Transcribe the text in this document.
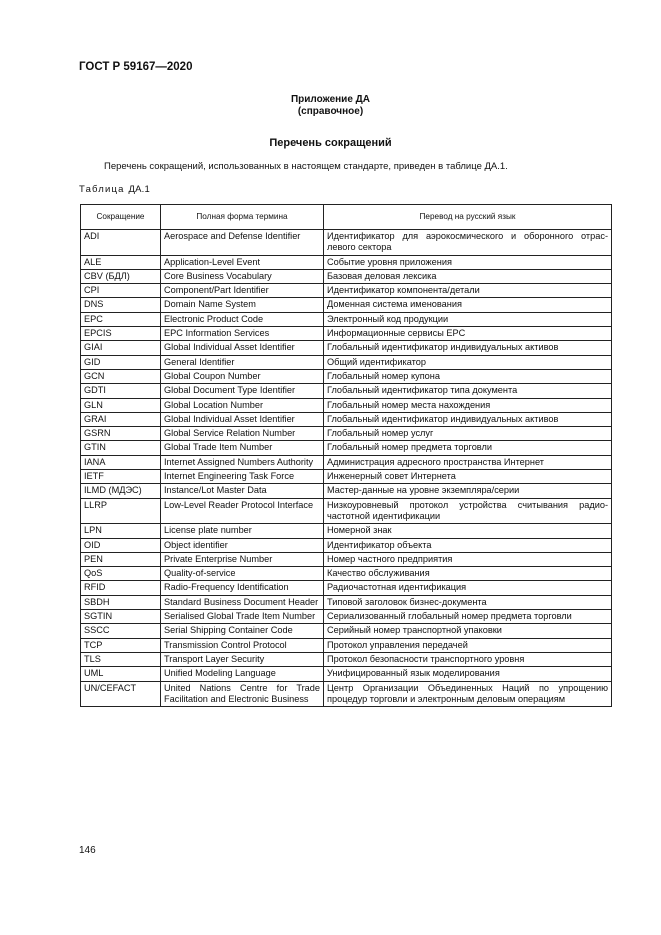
ГОСТ Р 59167—2020
Приложение ДА
(справочное)
Перечень сокращений
Перечень сокращений, использованных в настоящем стандарте, приведен в таблице ДА.1.
Таблица ДА.1
Сокращение	Полная форма термина	Перевод на русский язык
ADI	Aerospace and Defense Identifier	Идентификатор для аэрокосмического и оборонного отрас-левого сектора
ALE	Application-Level Event	Событие уровня приложения
CBV (БДЛ)	Core Business Vocabulary	Базовая деловая лексика
CPI	Component/Part Identifier	Идентификатор компонента/детали
DNS	Domain Name System	Доменная система именования
EPC	Electronic Product Code	Электронный код продукции
EPCIS	EPC Information Services	Информационные сервисы EPC
GIAI	Global Individual Asset Identifier	Глобальный идентификатор индивидуальных активов
GID	General Identifier	Общий идентификатор
GCN	Global Coupon Number	Глобальный номер купона
GDTI	Global Document Type Identifier	Глобальный идентификатор типа документа
GLN	Global Location Number	Глобальный номер места нахождения
GRAI	Global Individual Asset Identifier	Глобальный идентификатор индивидуальных активов
GSRN	Global Service Relation Number	Глобальный номер услуг
GTIN	Global Trade Item Number	Глобальный номер предмета торговли
IANA	Internet Assigned Numbers Authority	Администрация адресного пространства Интернет
IETF	Internet Engineering Task Force	Инженерный совет Интернета
ILMD (МДЭС)	Instance/Lot Master Data	Мастер-данные на уровне экземпляра/серии
LLRP	Low-Level Reader Protocol Interface	Низкоуровневый протокол устройства считывания радио-частотной идентификации
LPN	License plate number	Номерной знак
OID	Object identifier	Идентификатор объекта
PEN	Private Enterprise Number	Номер частного предприятия
QoS	Quality-of-service	Качество обслуживания
RFID	Radio-Frequency Identification	Радиочастотная идентификация
SBDH	Standard Business Document Header	Типовой заголовок бизнес-документа
SGTIN	Serialised Global Trade Item Number	Сериализованный глобальный номер предмета торговли
SSCC	Serial Shipping Container Code	Серийный номер транспортной упаковки
TCP	Transmission Control Protocol	Протокол управления передачей
TLS	Transport Layer Security	Протокол безопасности транспортного уровня
UML	Unified Modeling Language	Унифицированный язык моделирования
UN/CEFACT	United Nations Centre for Trade Facilitation and Electronic Business	Центр Организации Объединенных Наций по упрощению процедур торговли и электронным деловым операциям
146
